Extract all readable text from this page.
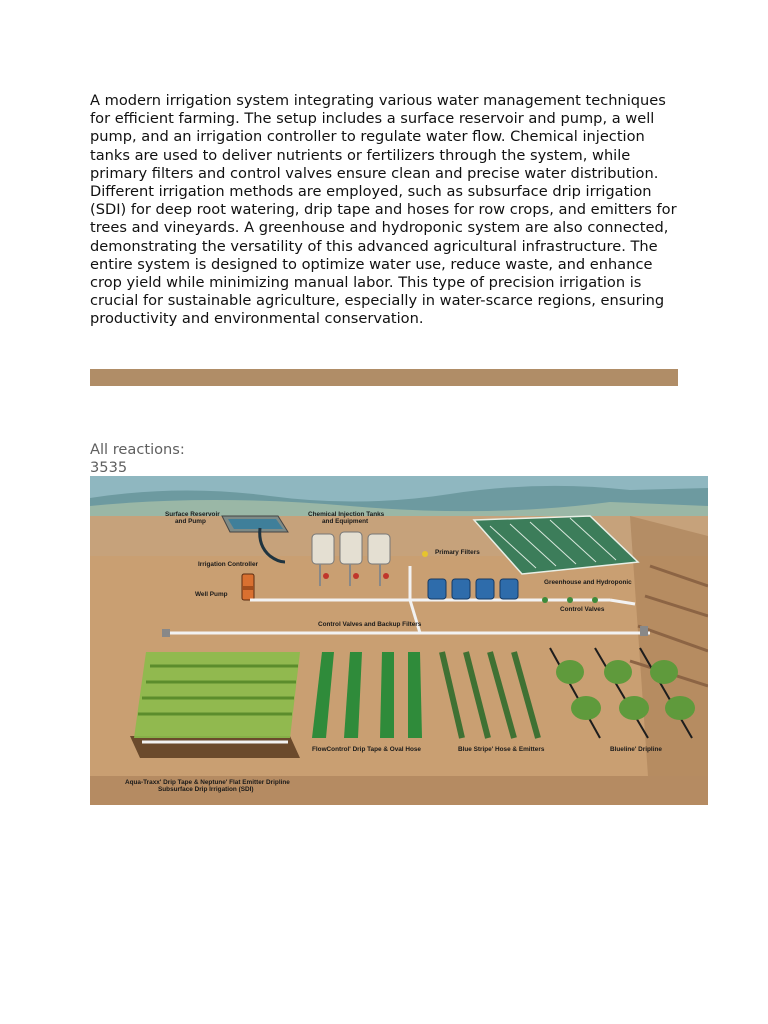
A modern irrigation system integrating various water management techniques for efficient farming. The setup includes a surface reservoir and pump, a well pump, and an irrigation controller to regulate water flow. Chemical injection tanks are used to deliver nutrients or fertilizers through the system, while primary filters and control valves ensure clean and precise water distribution. Different irrigation methods are employed, such as subsurface drip irrigation (SDI) for deep root watering, drip tape and hoses for row crops, and emitters for trees and vineyards. A greenhouse and hydroponic system are also connected, demonstrating the versatility of this advanced agricultural infrastructure. The entire system is designed to optimize water use, reduce waste, and enhance crop yield while minimizing manual labor. This type of precision irrigation is crucial for sustainable agriculture, especially in water-scarce regions, ensuring productivity and environmental conservation.

All reactions:
3535
Surface Reservoir
and Pump
Chemical Injection Tanks
and Equipment
Irrigation Controller
Well Pump
Primary Filters
Greenhouse and Hydroponic
Control Valves
Control Valves and Backup Filters
FlowControl' Drip Tape & Oval Hose	Blue Stripe' Hose & Emitters	Blueline' Dripline
Aqua-Traxx' Drip Tape & Neptune' Flat Emitter Dripline
Subsurface Drip Irrigation (SDI)
